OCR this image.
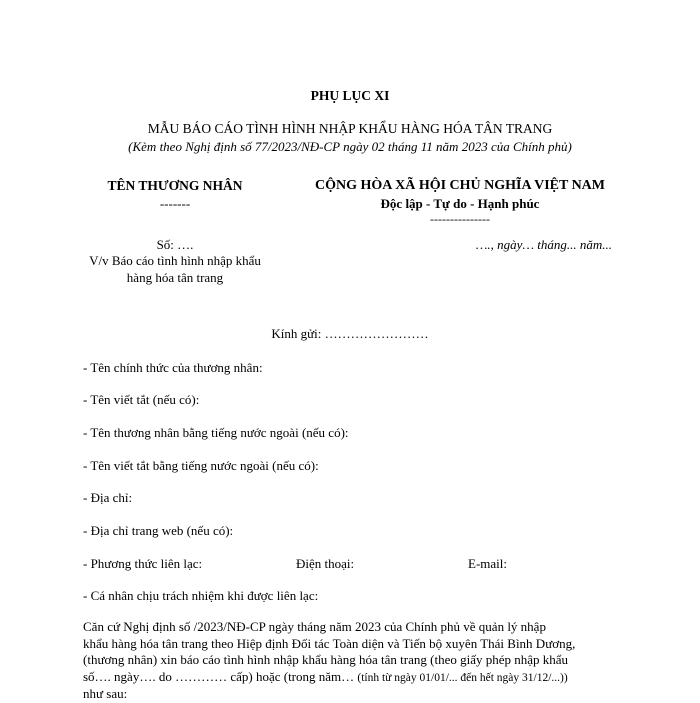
PHỤ LỤC XI
MẪU BÁO CÁO TÌNH HÌNH NHẬP KHẨU HÀNG HÓA TÂN TRANG
(Kèm theo Nghị định số 77/2023/NĐ-CP ngày 02 tháng 11 năm 2023 của Chính phủ)
TÊN THƯƠNG NHÂN
-------
CỘNG HÒA XÃ HỘI CHỦ NGHĨA VIỆT NAM
Độc lập - Tự do - Hạnh phúc
---------------
Số: ….
V/v Báo cáo tình hình nhập khẩu
hàng hóa tân trang
…., ngày… tháng... năm...
Kính gửi: ……………………
- Tên chính thức của thương nhân:
- Tên viết tắt (nếu có):
- Tên thương nhân bằng tiếng nước ngoài (nếu có):
- Tên viết tắt bằng tiếng nước ngoài (nếu có):
- Địa chỉ:
- Địa chỉ trang web (nếu có):
- Phương thức liên lạc:	Điện thoại:	E-mail:
- Cá nhân chịu trách nhiệm khi được liên lạc:
Căn cứ Nghị định số /2023/NĐ-CP ngày tháng năm 2023 của Chính phủ về quản lý nhập
khẩu hàng hóa tân trang theo Hiệp định Đối tác Toàn diện và Tiến bộ xuyên Thái Bình Dương,
(thương nhân) xin báo cáo tình hình nhập khẩu hàng hóa tân trang (theo giấy phép nhập khẩu
số…. ngày…. do ………… cấp) hoặc (trong năm… (tính từ ngày 01/01/... đến hết ngày 31/12/...))
như sau:
